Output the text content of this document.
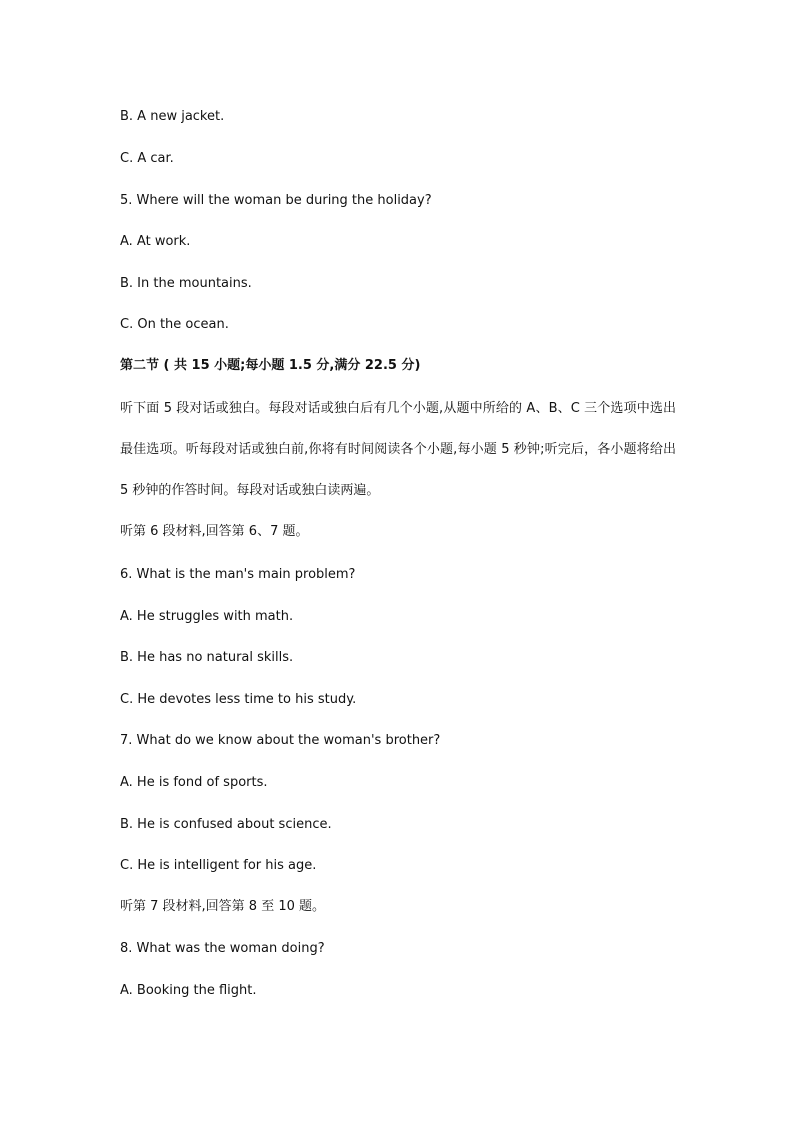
B. A new jacket.
C. A car.
5. Where will the woman be during the holiday?
A. At work.
B. In the mountains.
C. On the ocean.
第二节 ( 共 15 小题;每小题 1.5 分,满分 22.5 分)
听下面 5 段对话或独白。每段对话或独白后有几个小题,从题中所给的 A、B、C 三个选项中选出最佳选项。听每段对话或独白前,你将有时间阅读各个小题,每小题 5 秒钟;听完后，各小题将给出 5 秒钟的作答时间。每段对话或独白读两遍。
听第 6 段材料,回答第 6、7 题。
6. What is the man's main problem?
A. He struggles with math.
B. He has no natural skills.
C. He devotes less time to his study.
7. What do we know about the woman's brother?
A. He is fond of sports.
B. He is confused about science.
C. He is intelligent for his age.
听第 7 段材料,回答第 8 至 10 题。
8. What was the woman doing?
A. Booking the flight.
